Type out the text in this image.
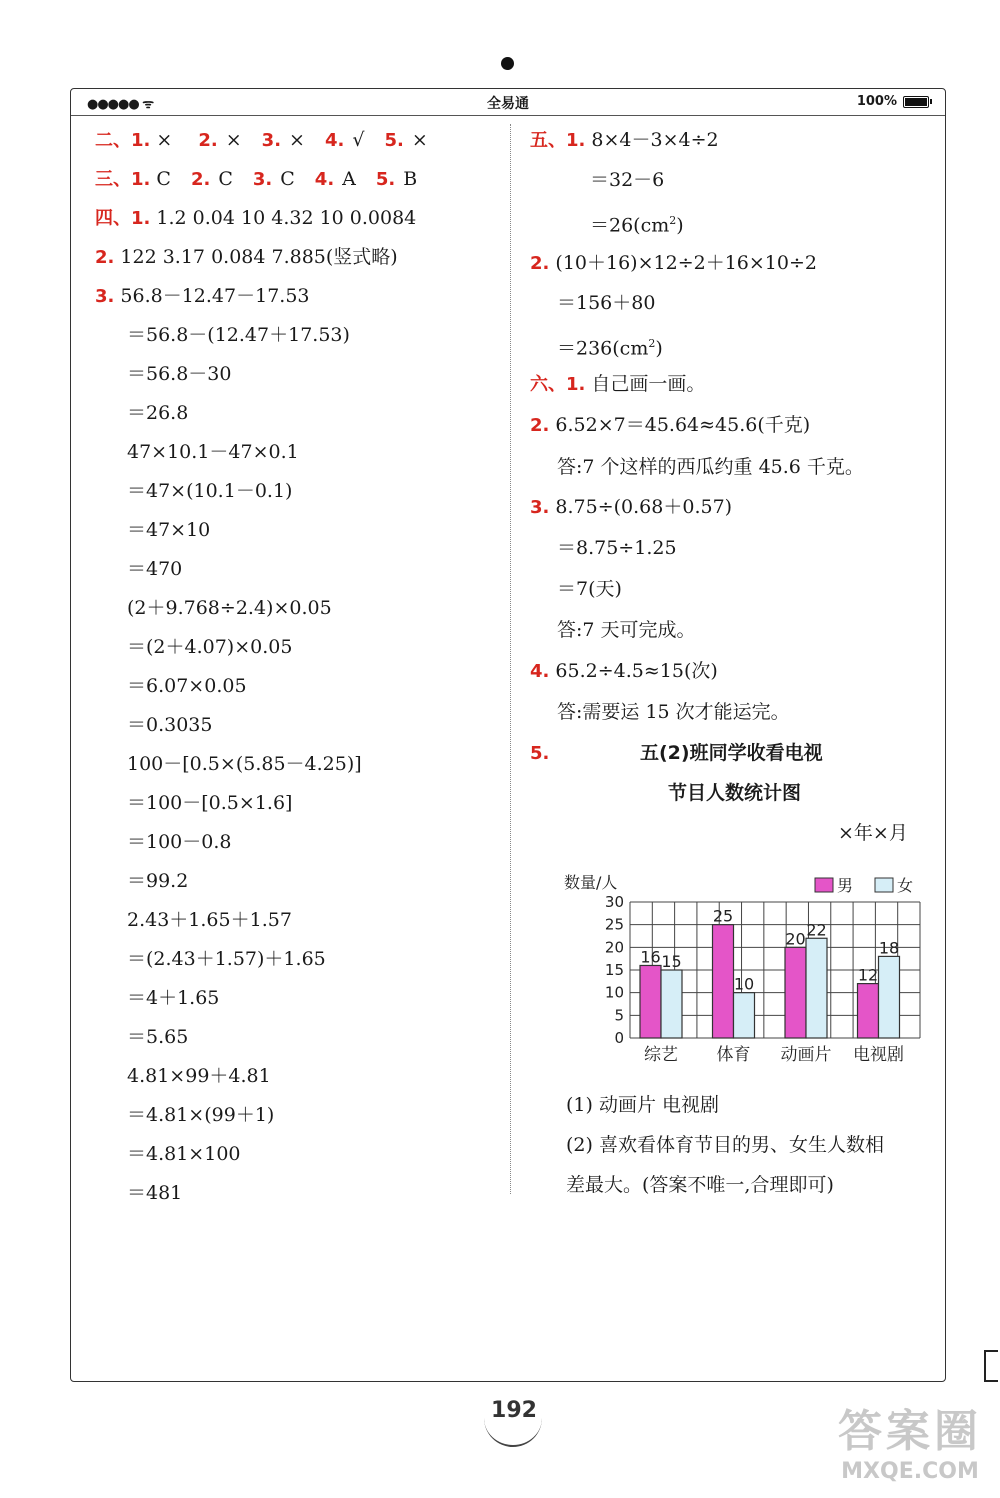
●●●●● ᯤ	全易通	100%
二、1. × 2. × 3. × 4. √ 5. ×
三、1. C 2. C 3. C 4. A 5. B
四、1. 1.2 0.04 10 4.32 10 0.0084
2. 122 3.17 0.084 7.885(竖式略)
3. 56.8－12.47－17.53
＝56.8－(12.47＋17.53)
＝56.8－30
＝26.8
47×10.1－47×0.1
＝47×(10.1－0.1)
＝47×10
＝470
(2＋9.768÷2.4)×0.05
＝(2＋4.07)×0.05
＝6.07×0.05
＝0.3035
100－[0.5×(5.85－4.25)]
＝100－[0.5×1.6]
＝100－0.8
＝99.2
2.43＋1.65＋1.57
＝(2.43＋1.57)＋1.65
＝4＋1.65
＝5.65
4.81×99＋4.81
＝4.81×(99＋1)
＝4.81×100
＝481
五、1. 8×4－3×4÷2
＝32－6
$=26(cm^2)$
2. (10＋16)×12÷2＋16×10÷2
＝156＋80
$=236(cm^2)$
六、1. 自己画一画。
2. 6.52×7＝45.64≈45.6(千克)
答:7 个这样的西瓜约重 45.6 千克。
3. 8.75÷(0.68＋0.57)
＝8.75÷1.25
＝7(天)
答:7 天可完成。
4. 65.2÷4.5≈15(次)
答:需要运 15 次才能运完。
5.	五(2)班同学收看电视
节目人数统计图
×年×月
数量/人
0
5
10
15
20
25
30
男	女
16 15
综艺
25
10
体育
20 22
动画片
12
18
电视剧
(1) 动画片 电视剧
(2) 喜欢看体育节目的男、女生人数相
差最大。(答案不唯一,合理即可)
192	答案圈
MXQE.COM
